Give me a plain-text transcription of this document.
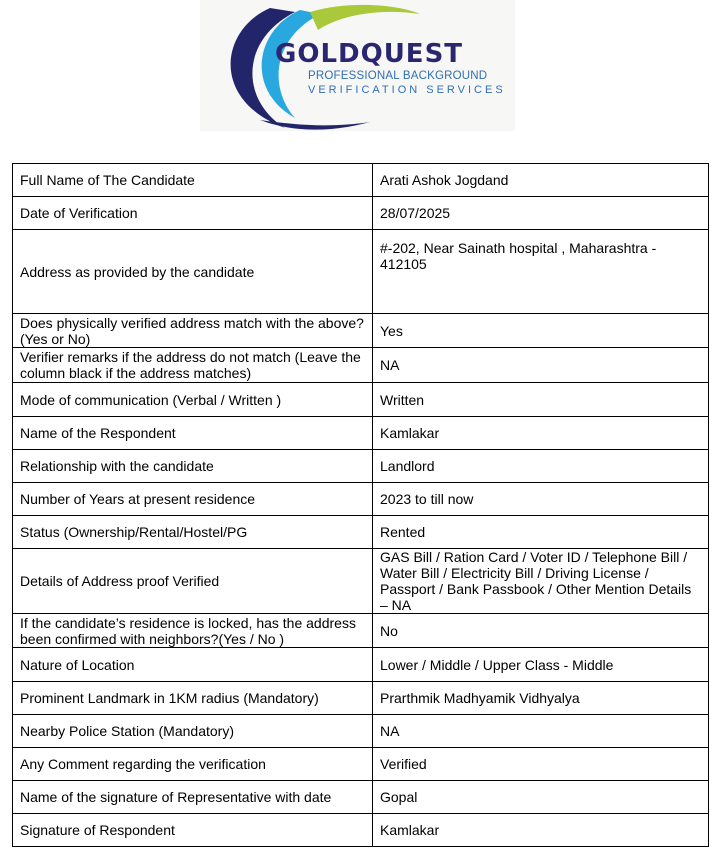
GOLDQUEST
PROFESSIONAL BACKGROUND
VERIFICATION SERVICES
Full Name of The Candidate	Arati Ashok Jogdand
Date of Verification	28/07/2025
Address as provided by the candidate	#-202, Near Sainath hospital , Maharashtra - 412105
Does physically verified address match with the above?(Yes or No)	Yes
Verifier remarks if the address do not match (Leave the column black if the address matches)	NA
Mode of communication (Verbal / Written )	Written
Name of the Respondent	Kamlakar
Relationship with the candidate	Landlord
Number of Years at present residence	2023 to till now
Status (Ownership/Rental/Hostel/PG	Rented
Details of Address proof Verified	GAS Bill / Ration Card / Voter ID / Telephone Bill / Water Bill / Electricity Bill / Driving License / Passport / Bank Passbook / Other Mention Details – NA
If the candidate’s residence is locked, has the address been confirmed with neighbors?(Yes / No )	No
Nature of Location	Lower / Middle / Upper Class - Middle
Prominent Landmark in 1KM radius (Mandatory)	Prarthmik Madhyamik Vidhyalya
Nearby Police Station (Mandatory)	NA
Any Comment regarding the verification	Verified
Name of the signature of Representative with date	Gopal
Signature of Respondent	Kamlakar
